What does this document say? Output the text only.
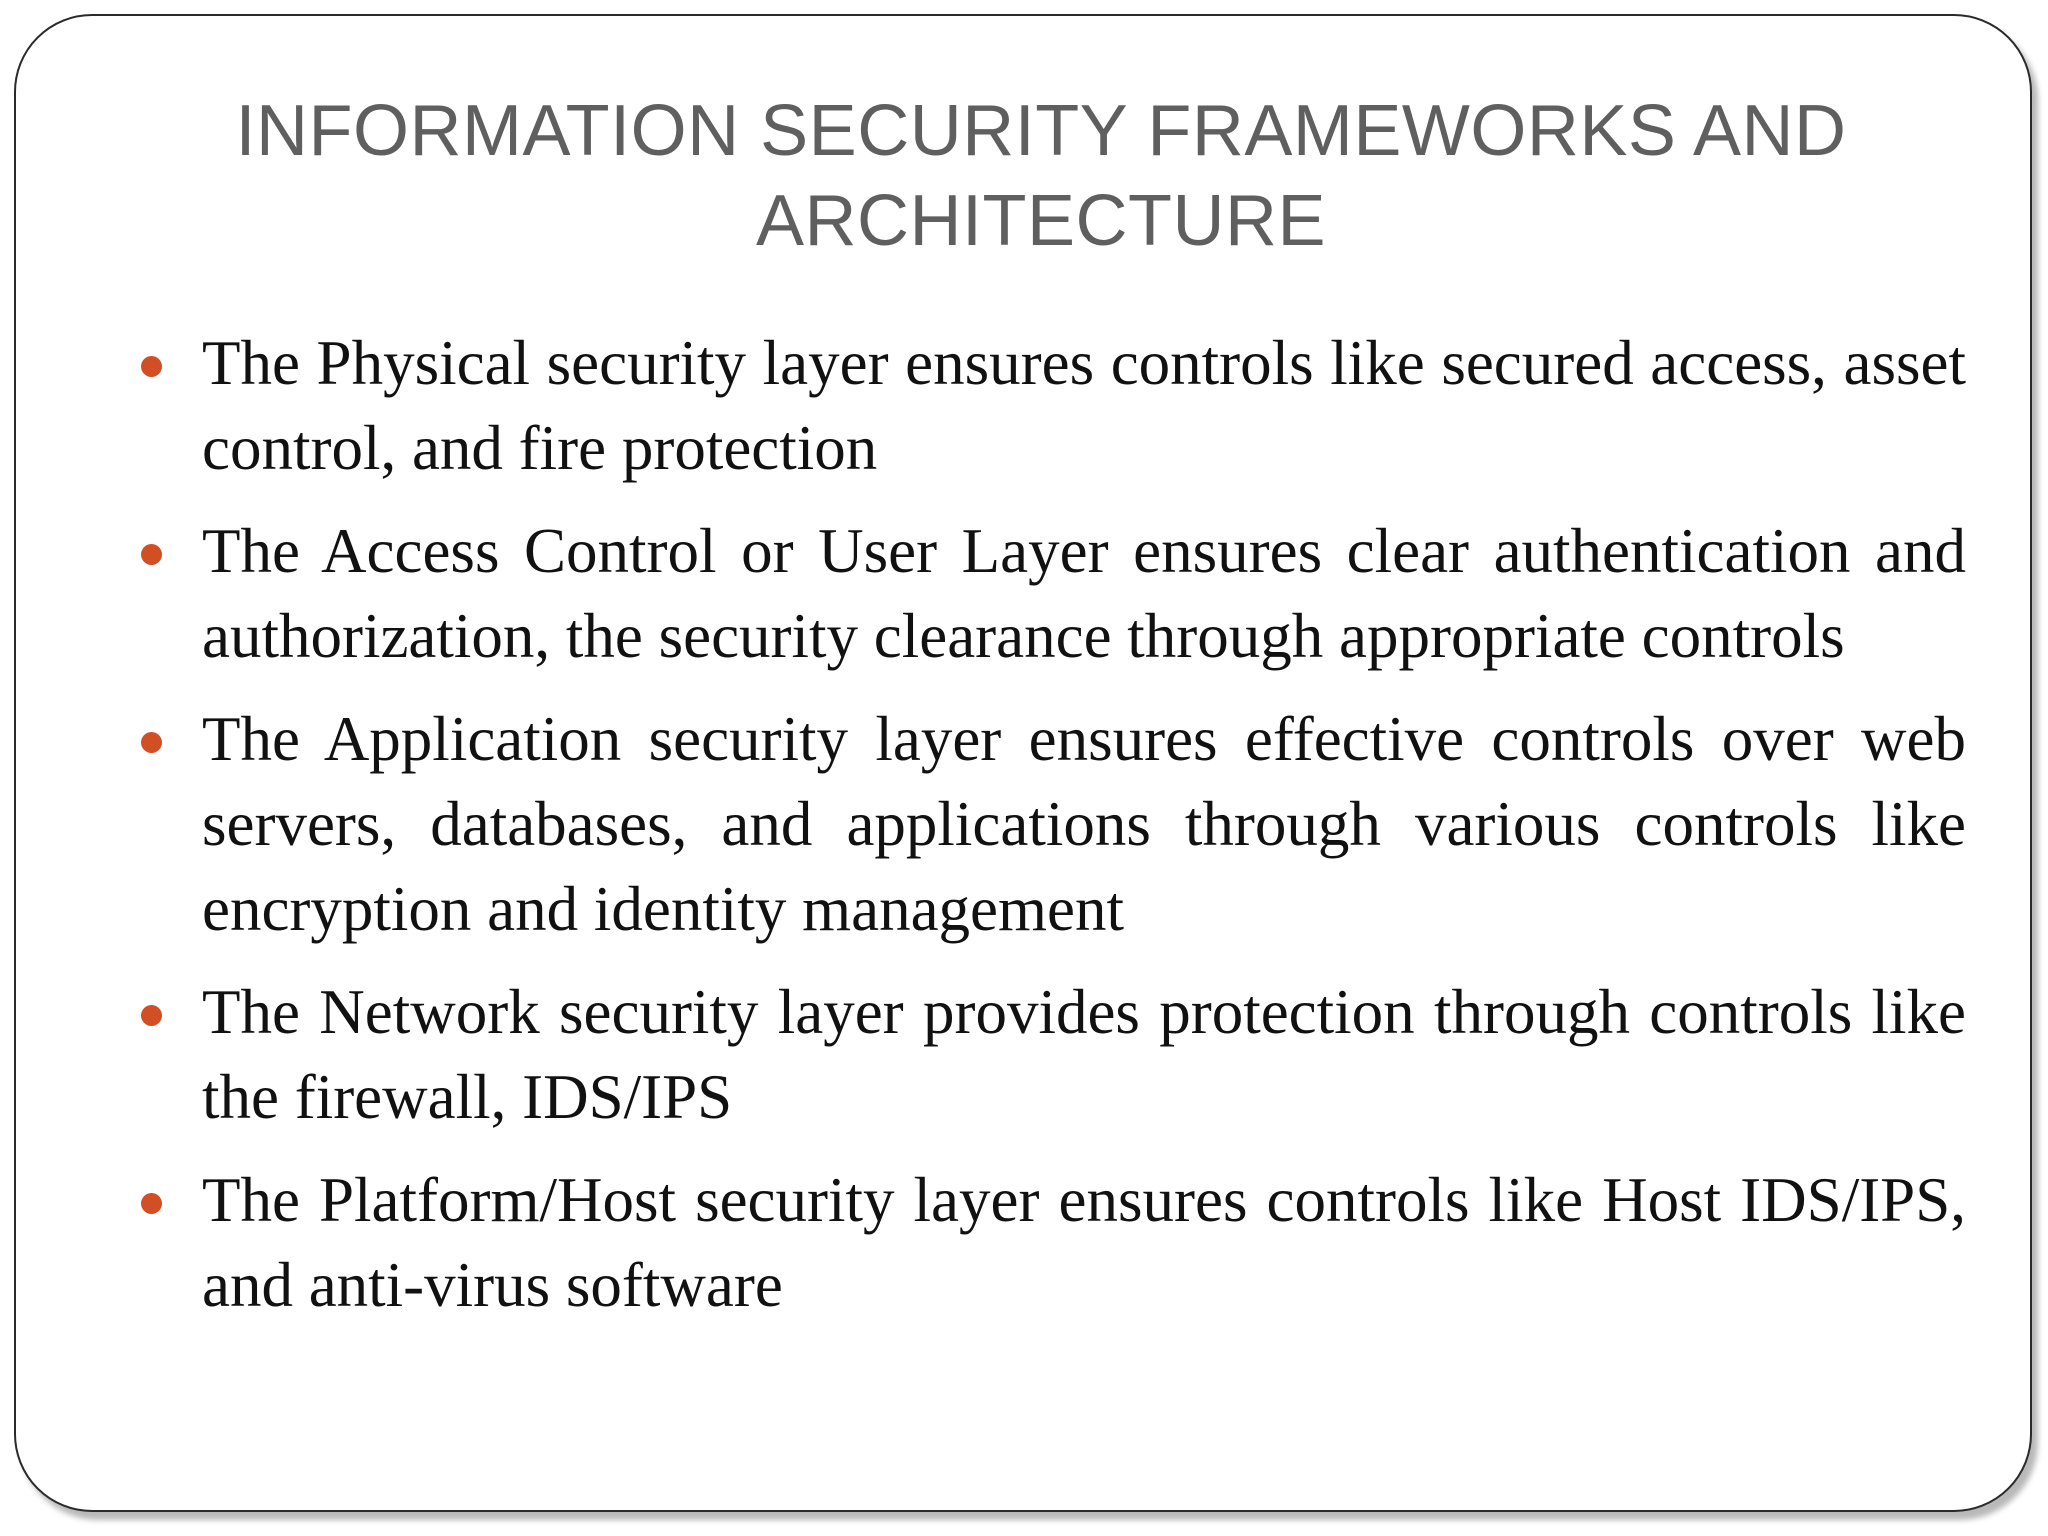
INFORMATION SECURITY FRAMEWORKS AND ARCHITECTURE
The Physical security layer ensures controls like secured access, asset control, and fire protection
The Access Control or User Layer ensures clear authentication and authorization, the security clearance through appropriate controls
The Application security layer ensures effective controls over web servers, databases, and applications through various controls like encryption and identity management
The Network security layer provides protection through controls like the firewall, IDS/IPS
The Platform/Host security layer ensures controls like Host IDS/IPS, and anti-virus software
